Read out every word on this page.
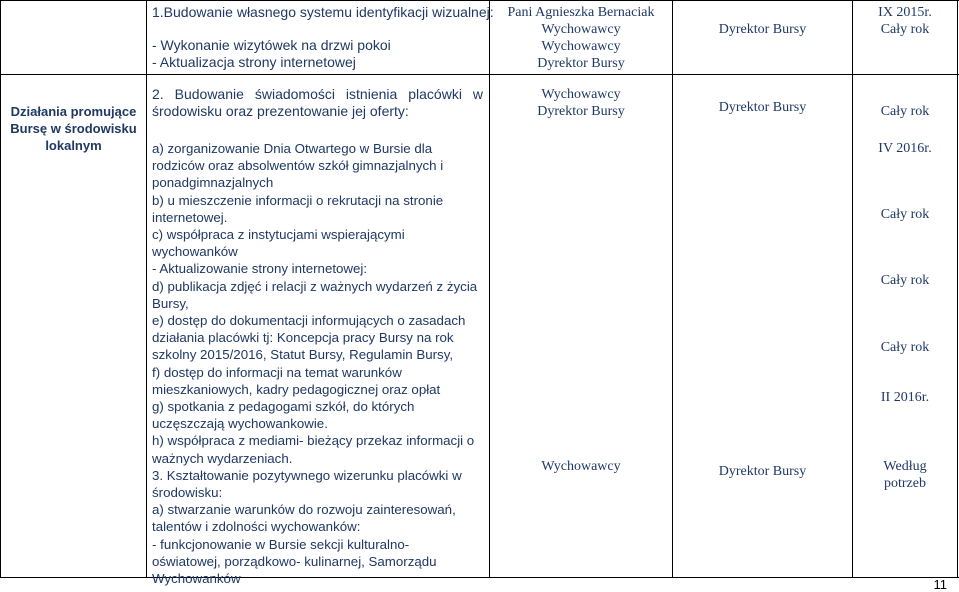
1.Budowanie własnego systemu identyfikacji wizualnej:
- Wykonanie wizytówek na drzwi pokoi
- Aktualizacja strony internetowej
Pani Agnieszka Bernaciak
Wychowawcy
Wychowawcy
Dyrektor Bursy
Dyrektor Bursy
IX 2015r.
Cały rok
Działania promujące
Bursę w środowisku
lokalnym
2. Budowanie świadomości istnienia placówki w
środowisku oraz prezentowanie jej oferty:
a) zorganizowanie Dnia Otwartego w Bursie dla
rodziców oraz absolwentów szkół gimnazjalnych i
ponadgimnazjalnych
b) u mieszczenie informacji o rekrutacji na stronie
internetowej.
c) współpraca z instytucjami wspierającymi
wychowanków
- Aktualizowanie strony internetowej:
d) publikacja zdjęć i relacji z ważnych wydarzeń z życia
Bursy,
e) dostęp do dokumentacji informujących o zasadach
działania placówki tj: Koncepcja pracy Bursy na rok
szkolny 2015/2016, Statut Bursy, Regulamin Bursy,
f) dostęp do informacji na temat warunków
mieszkaniowych, kadry pedagogicznej oraz opłat
g) spotkania z pedagogami szkół, do których
uczęszczają wychowankowie.
h) współpraca z mediami- bieżący przekaz informacji o
ważnych wydarzeniach.
3. Kształtowanie pozytywnego wizerunku placówki w
środowisku:
a) stwarzanie warunków do rozwoju zainteresowań,
talentów i zdolności wychowanków:
- funkcjonowanie w Bursie sekcji kulturalno-
oświatowej, porządkowo- kulinarnej, Samorządu
Wychowanków
Wychowawcy
Dyrektor Bursy
Wychowawcy
Dyrektor Bursy
Dyrektor Bursy
Cały rok
IV 2016r.
Cały rok
Cały rok
Cały rok
II 2016r.
Według
potrzeb
11
